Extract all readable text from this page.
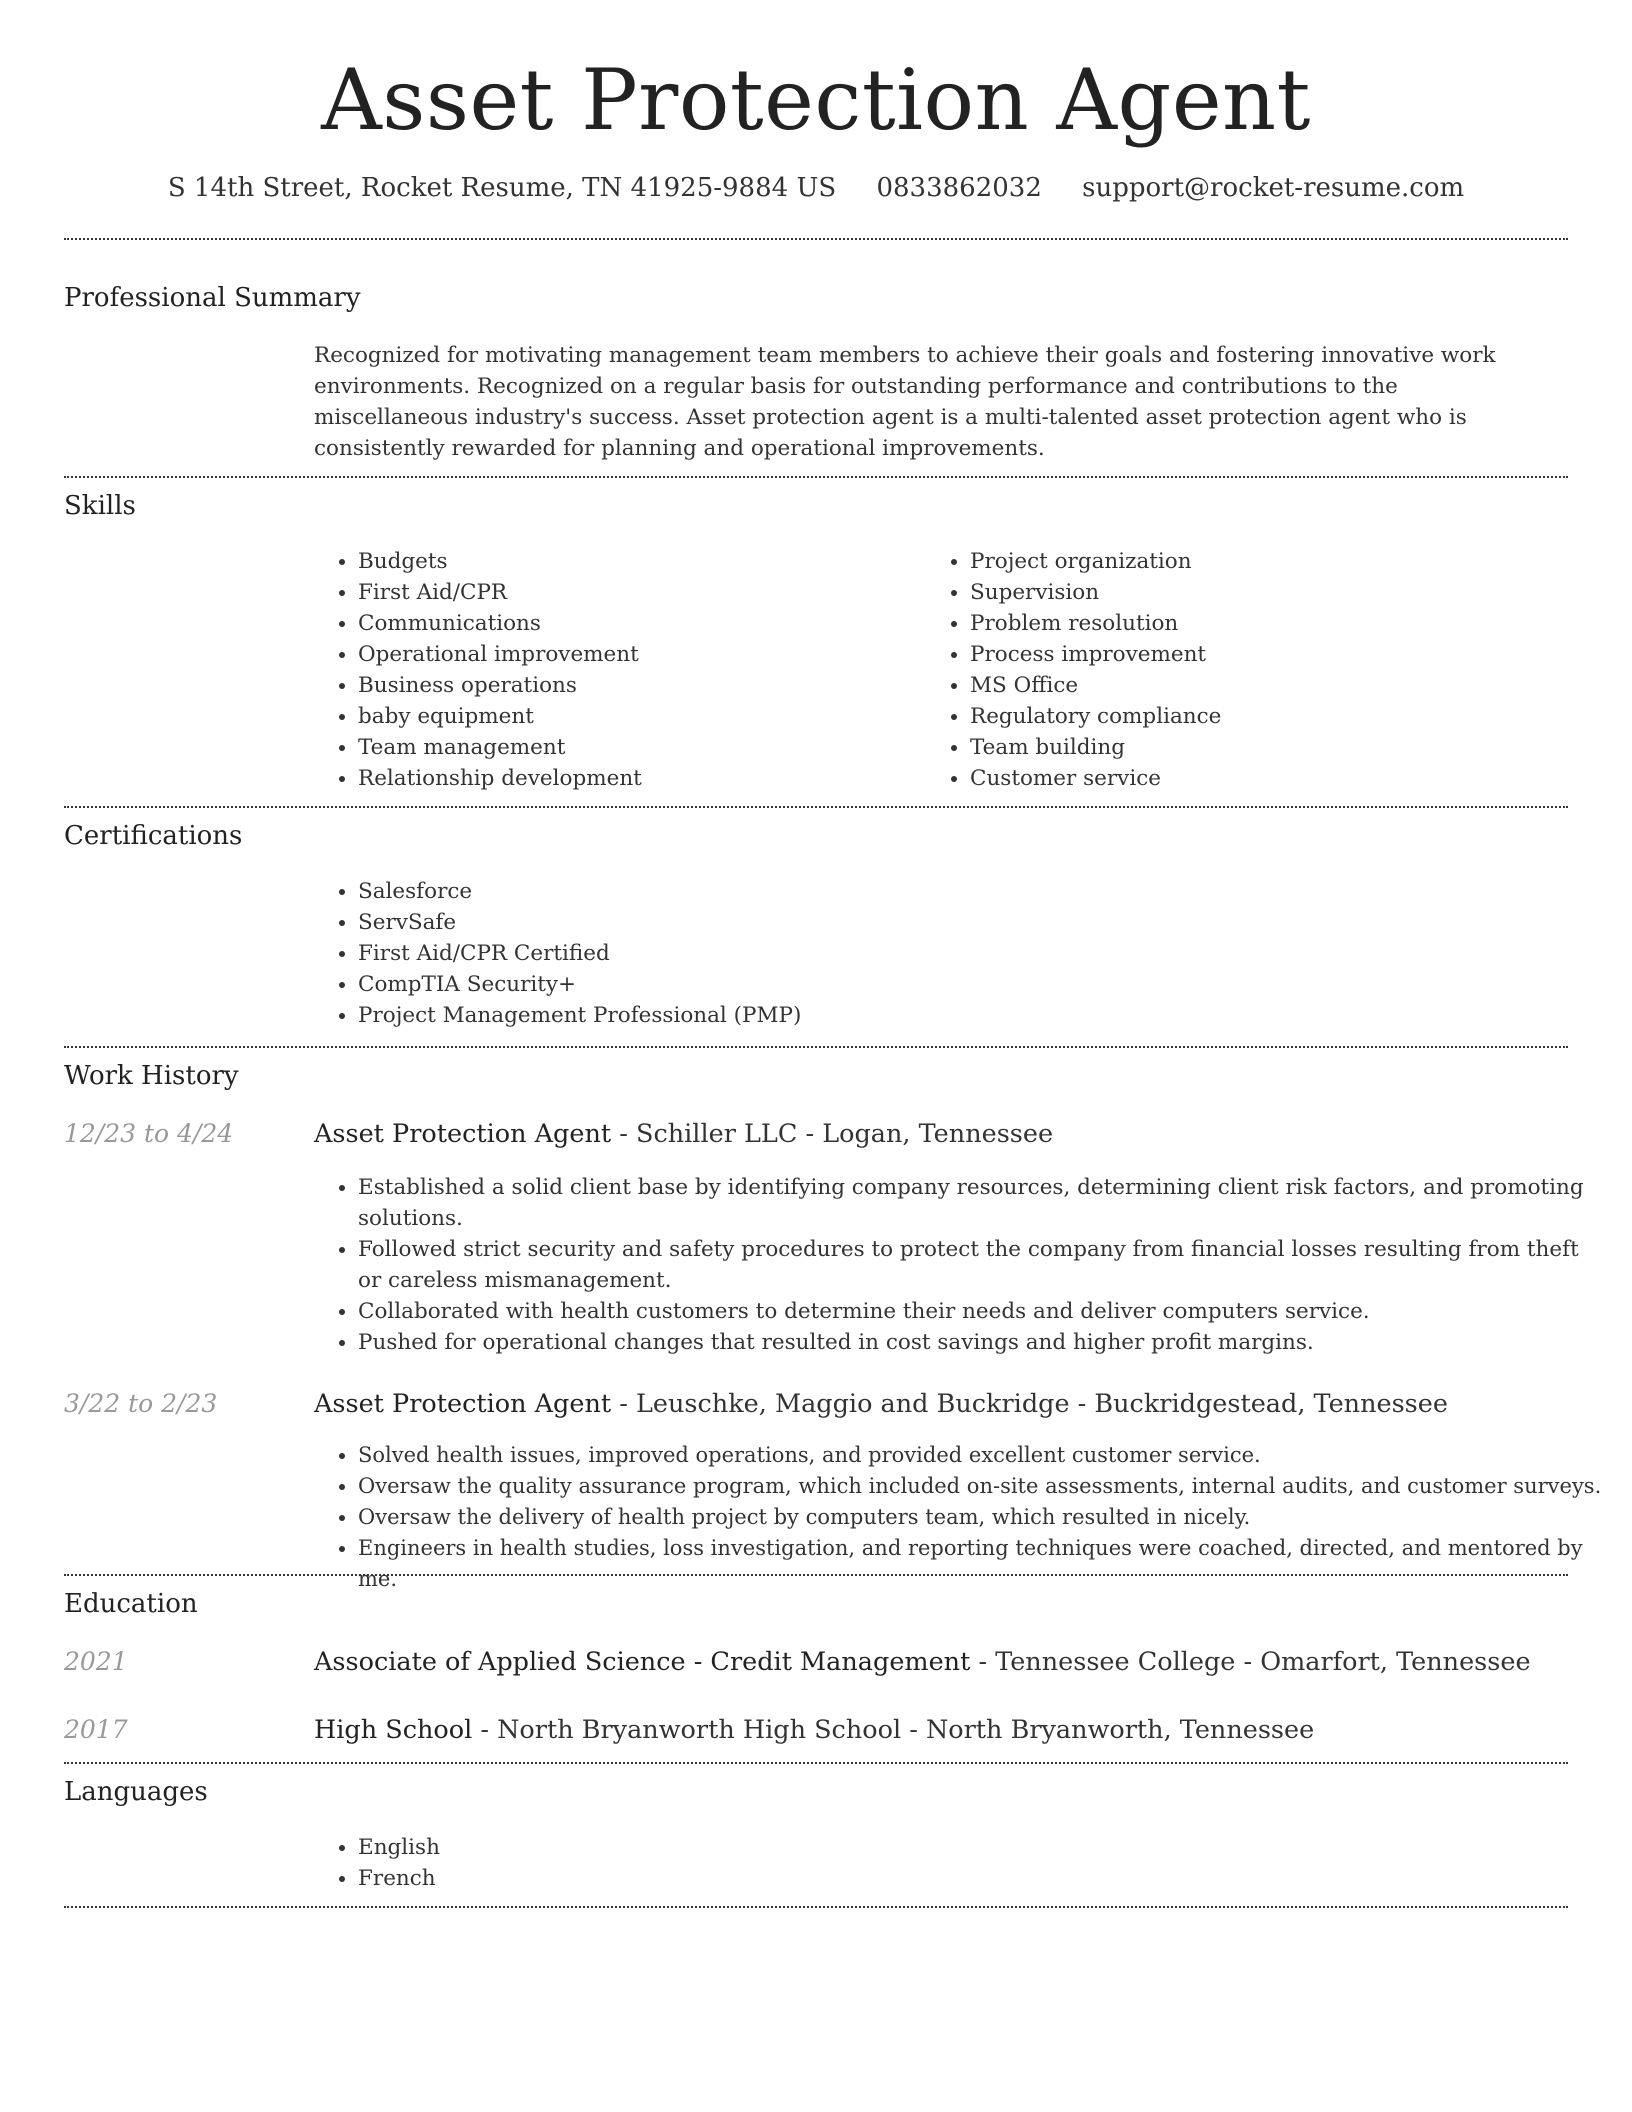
Asset Protection Agent
S 14th Street, Rocket Resume, TN 41925-9884 US 0833862032 support@rocket-resume.com
Professional Summary

Recognized for motivating management team members to achieve their goals and fostering innovative work environments. Recognized on a regular basis for outstanding performance and contributions to the miscellaneous industry's success. Asset protection agent is a multi-talented asset protection agent who is consistently rewarded for planning and operational improvements.

Skills
• Budgets
• First Aid/CPR
• Communications
• Operational improvement
• Business operations
• baby equipment
• Team management
• Relationship development
• Project organization
• Supervision
• Problem resolution
• Process improvement
• MS Office
• Regulatory compliance
• Team building
• Customer service
Certifications
• Salesforce
• ServSafe
• First Aid/CPR Certified
• CompTIA Security+
• Project Management Professional (PMP)
Work History
12/23 to 4/24	Asset Protection Agent - Schiller LLC - Logan, Tennessee
• Established a solid client base by identifying company resources, determining client risk factors, and promoting solutions.
• Followed strict security and safety procedures to protect the company from financial losses resulting from theft or careless mismanagement.
• Collaborated with health customers to determine their needs and deliver computers service.
• Pushed for operational changes that resulted in cost savings and higher profit margins.
3/22 to 2/23	Asset Protection Agent - Leuschke, Maggio and Buckridge - Buckridgestead, Tennessee
• Solved health issues, improved operations, and provided excellent customer service.
• Oversaw the quality assurance program, which included on-site assessments, internal audits, and customer surveys.
• Oversaw the delivery of health project by computers team, which resulted in nicely.
• Engineers in health studies, loss investigation, and reporting techniques were coached, directed, and mentored by me.
Education
2021	Associate of Applied Science - Credit Management - Tennessee College - Omarfort, Tennessee
2017	High School - North Bryanworth High School - North Bryanworth, Tennessee
Languages
• English
• French
